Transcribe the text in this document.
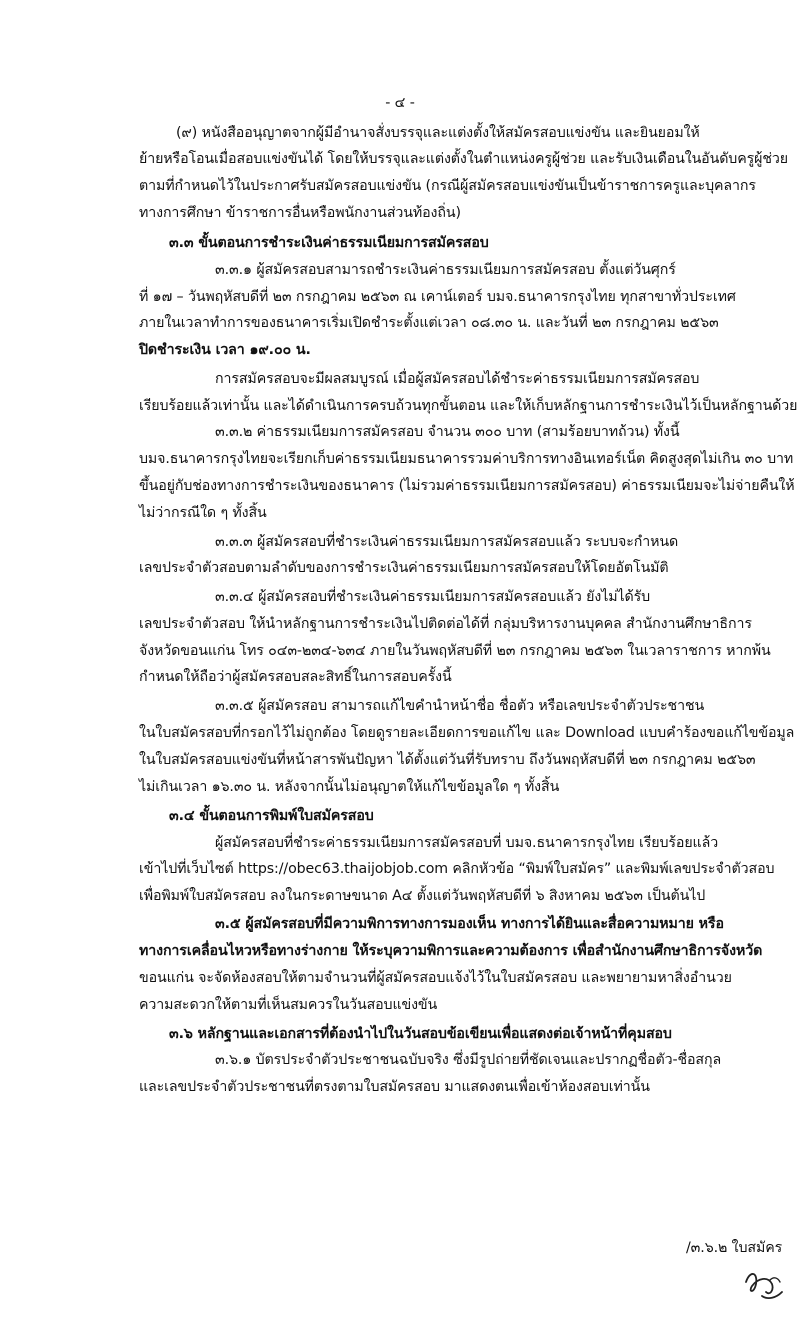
- ๔ -
(๙) หนังสืออนุญาตจากผู้มีอำนาจสั่งบรรจุและแต่งตั้งให้สมัครสอบแข่งขัน และยินยอมให้
ย้ายหรือโอนเมื่อสอบแข่งขันได้ โดยให้บรรจุและแต่งตั้งในตำแหน่งครูผู้ช่วย และรับเงินเดือนในอันดับครูผู้ช่วย
ตามที่กำหนดไว้ในประกาศรับสมัครสอบแข่งขัน (กรณีผู้สมัครสอบแข่งขันเป็นข้าราชการครูและบุคลากร
ทางการศึกษา ข้าราชการอื่นหรือพนักงานส่วนท้องถิ่น)
๓.๓ ขั้นตอนการชำระเงินค่าธรรมเนียมการสมัครสอบ
๓.๓.๑ ผู้สมัครสอบสามารถชำระเงินค่าธรรมเนียมการสมัครสอบ ตั้งแต่วันศุกร์
ที่ ๑๗ – วันพฤหัสบดีที่ ๒๓ กรกฎาคม ๒๕๖๓ ณ เคาน์เตอร์ บมจ.ธนาคารกรุงไทย ทุกสาขาทั่วประเทศ
ภายในเวลาทำการของธนาคารเริ่มเปิดชำระตั้งแต่เวลา ๐๘.๓๐ น. และวันที่ ๒๓ กรกฎาคม ๒๕๖๓
ปิดชำระเงิน เวลา ๑๙.๐๐ น.
การสมัครสอบจะมีผลสมบูรณ์ เมื่อผู้สมัครสอบได้ชำระค่าธรรมเนียมการสมัครสอบ
เรียบร้อยแล้วเท่านั้น และได้ดำเนินการครบถ้วนทุกขั้นตอน และให้เก็บหลักฐานการชำระเงินไว้เป็นหลักฐานด้วย
๓.๓.๒ ค่าธรรมเนียมการสมัครสอบ จำนวน ๓๐๐ บาท (สามร้อยบาทถ้วน) ทั้งนี้
บมจ.ธนาคารกรุงไทยจะเรียกเก็บค่าธรรมเนียมธนาคารรวมค่าบริการทางอินเทอร์เน็ต คิดสูงสุดไม่เกิน ๓๐ บาท
ขึ้นอยู่กับช่องทางการชำระเงินของธนาคาร (ไม่รวมค่าธรรมเนียมการสมัครสอบ) ค่าธรรมเนียมจะไม่จ่ายคืนให้
ไม่ว่ากรณีใด ๆ ทั้งสิ้น
๓.๓.๓ ผู้สมัครสอบที่ชำระเงินค่าธรรมเนียมการสมัครสอบแล้ว ระบบจะกำหนด
เลขประจำตัวสอบตามลำดับของการชำระเงินค่าธรรมเนียมการสมัครสอบให้โดยอัตโนมัติ
๓.๓.๔ ผู้สมัครสอบที่ชำระเงินค่าธรรมเนียมการสมัครสอบแล้ว ยังไม่ได้รับ
เลขประจำตัวสอบ ให้นำหลักฐานการชำระเงินไปติดต่อได้ที่ กลุ่มบริหารงานบุคคล สำนักงานศึกษาธิการ
จังหวัดขอนแก่น โทร ๐๔๓-๒๓๔-๖๓๔ ภายในวันพฤหัสบดีที่ ๒๓ กรกฎาคม ๒๕๖๓ ในเวลาราชการ หากพ้น
กำหนดให้ถือว่าผู้สมัครสอบสละสิทธิ์ในการสอบครั้งนี้
๓.๓.๕ ผู้สมัครสอบ สามารถแก้ไขคำนำหน้าชื่อ ชื่อตัว หรือเลขประจำตัวประชาชน
ในใบสมัครสอบที่กรอกไว้ไม่ถูกต้อง โดยดูรายละเอียดการขอแก้ไข และ Download แบบคำร้องขอแก้ไขข้อมูล
ในใบสมัครสอบแข่งขันที่หน้าสารพันปัญหา ได้ตั้งแต่วันที่รับทราบ ถึงวันพฤหัสบดีที่ ๒๓ กรกฎาคม ๒๕๖๓
ไม่เกินเวลา ๑๖.๓๐ น. หลังจากนั้นไม่อนุญาตให้แก้ไขข้อมูลใด ๆ ทั้งสิ้น
๓.๔ ขั้นตอนการพิมพ์ใบสมัครสอบ
ผู้สมัครสอบที่ชำระค่าธรรมเนียมการสมัครสอบที่ บมจ.ธนาคารกรุงไทย เรียบร้อยแล้ว
เข้าไปที่เว็บไซต์ https://obec63.thaijobjob.com คลิกหัวข้อ “พิมพ์ใบสมัคร” และพิมพ์เลขประจำตัวสอบ
เพื่อพิมพ์ใบสมัครสอบ ลงในกระดาษขนาด A๔ ตั้งแต่วันพฤหัสบดีที่ ๖ สิงหาคม ๒๕๖๓ เป็นต้นไป
๓.๕ ผู้สมัครสอบที่มีความพิการทางการมองเห็น ทางการได้ยินและสื่อความหมาย หรือ
ทางการเคลื่อนไหวหรือทางร่างกาย ให้ระบุความพิการและความต้องการ เพื่อสำนักงานศึกษาธิการจังหวัด
ขอนแก่น จะจัดห้องสอบให้ตามจำนวนที่ผู้สมัครสอบแจ้งไว้ในใบสมัครสอบ และพยายามหาสิ่งอำนวย
ความสะดวกให้ตามที่เห็นสมควรในวันสอบแข่งขัน
๓.๖ หลักฐานและเอกสารที่ต้องนำไปในวันสอบข้อเขียนเพื่อแสดงต่อเจ้าหน้าที่คุมสอบ
๓.๖.๑ บัตรประจำตัวประชาชนฉบับจริง ซึ่งมีรูปถ่ายที่ชัดเจนและปรากฏชื่อตัว-ชื่อสกุล
และเลขประจำตัวประชาชนที่ตรงตามใบสมัครสอบ มาแสดงตนเพื่อเข้าห้องสอบเท่านั้น
/๓.๖.๒ ใบสมัคร
